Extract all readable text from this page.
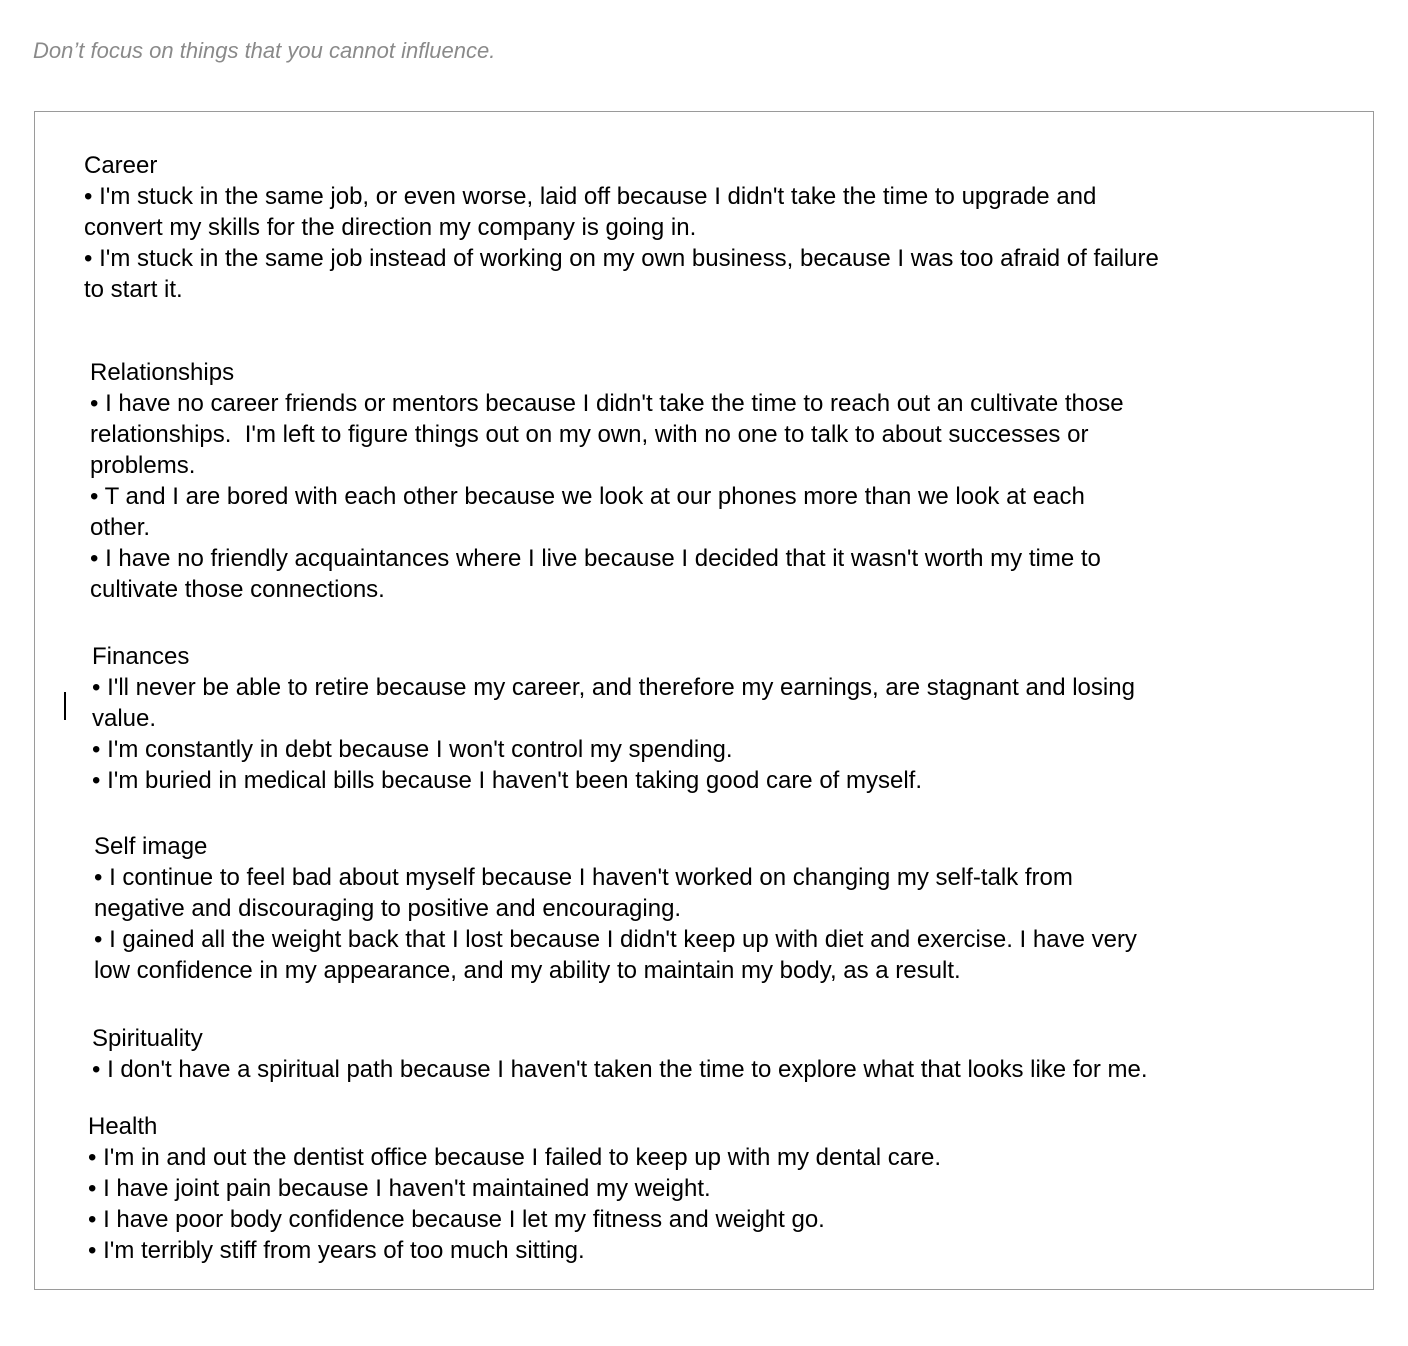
Don’t focus on things that you cannot influence.

Career
• I'm stuck in the same job, or even worse, laid off because I didn't take the time to upgrade and
convert my skills for the direction my company is going in.
• I'm stuck in the same job instead of working on my own business, because I was too afraid of failure
to start it.
Relationships
• I have no career friends or mentors because I didn't take the time to reach out an cultivate those
relationships.  I'm left to figure things out on my own, with no one to talk to about successes or
problems.
• T and I are bored with each other because we look at our phones more than we look at each
other.
• I have no friendly acquaintances where I live because I decided that it wasn't worth my time to
cultivate those connections.
Finances
• I'll never be able to retire because my career, and therefore my earnings, are stagnant and losing
value.
• I'm constantly in debt because I won't control my spending.
• I'm buried in medical bills because I haven't been taking good care of myself.
Self image
• I continue to feel bad about myself because I haven't worked on changing my self-talk from
negative and discouraging to positive and encouraging.
• I gained all the weight back that I lost because I didn't keep up with diet and exercise. I have very
low confidence in my appearance, and my ability to maintain my body, as a result.
Spirituality
• I don't have a spiritual path because I haven't taken the time to explore what that looks like for me.
Health
• I'm in and out the dentist office because I failed to keep up with my dental care.
• I have joint pain because I haven't maintained my weight.
• I have poor body confidence because I let my fitness and weight go.
• I'm terribly stiff from years of too much sitting.
